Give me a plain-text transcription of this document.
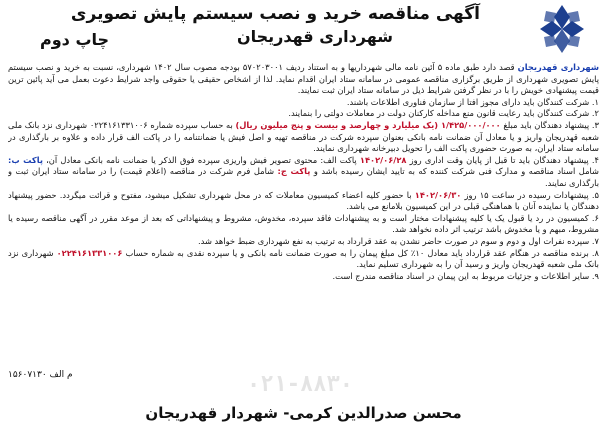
آگهی مناقصه خرید و نصب سیستم پایش تصویری
شهرداری قهدریجان
چاپ دوم

شهرداری قهدریجان قصد دارد طبق ماده ۵ آئین نامه مالی شهرداریها و به استناد ردیف ۵۷۰۲۰۳۰۰۱ بودجه مصوب سال ۱۴۰۲ شهرداری، نسبت به خرید و نصب سیستم پایش تصویری شهرداری از طریق برگزاری مناقصه عمومی در سامانه ستاد ایران اقدام نماید. لذا از اشخاص حقیقی یا حقوقی واجد شرایط دعوت بعمل می آید پائین ترین قیمت پیشنهادی خویش را با در نظر گرفتن شرایط ذیل در سامانه ستاد ایران ثبت نمایند.

۱. شرکت کنندگان باید دارای مجوز افتا از سازمان فناوری اطلاعات باشند.

۲. شرکت کنندگان باید رعایت قانون منع مداخله کارکنان دولت در معاملات دولتی را بنمایند.

۳. پیشنهاد دهندگان باید مبلغ ۱/۴۲۵/۰۰۰/۰۰۰ (یک میلیارد و چهارصد و بیست و پنج میلیون ریال) به حساب سپرده شماره ۰۲۲۴۱۶۱۳۳۱۰۰۶ شهرداری نزد بانک ملی شعبه قهدریجان واریز و یا معادل آن ضمانت نامه بانکی بعنوان سپرده شرکت در مناقصه تهیه و اصل فیش یا ضمانتنامه را در پاکت الف قرار داده و علاوه بر بارگذاری در سامانه ستاد ایران، به صورت حضوری پاکت الف را تحویل دبیرخانه شهرداری نمایند.

۴. پیشنهاد دهندگان باید تا قبل از پایان وقت اداری روز ۱۴۰۲/۰۶/۲۸ پاکت الف: محتوی تصویر فیش واریزی سپرده فوق الذکر یا ضمانت نامه بانکی معادل آن، پاکت ب: شامل اسناد مناقصه و مدارک فنی شرکت کننده که به تایید ایشان رسیده باشد و پاکت ج: شامل فرم شرکت در مناقصه (اعلام قیمت) را در سامانه ستاد ایران ثبت و بارگذاری نمایند.

۵. پیشنهادات رسیده در ساعت ۱۵ روز ۱۴۰۲/۰۶/۳۰ با حضور کلیه اعضاء کمیسیون معاملات که در محل شهرداری تشکیل میشود، مفتوح و قرائت میگردد. حضور پیشنهاد دهندگان یا نماینده آنان با هماهنگی قبلی در این کمیسیون بلامانع می باشد.

۶. کمیسیون در رد یا قبول یک یا کلیه پیشنهادات مختار است و به پیشنهادات فاقد سپرده، مخدوش، مشروط و پیشنهاداتی که بعد از موعد مقرر در آگهی مناقصه رسیده یا مشروط، مبهم و یا مخدوش باشد ترتیب اثر داده نخواهد شد.

۷. سپرده نفرات اول و دوم و سوم در صورت حاضر نشدن به عقد قرارداد به ترتیب به نفع شهرداری ضبط خواهد شد.

۸. برنده مناقصه در هنگام عقد قرارداد باید معادل ۱۰٪ کل مبلغ پیمان را به صورت ضمانت نامه بانکی و یا سپرده نقدی به شماره حساب ۰۲۲۴۱۶۱۳۳۱۰۰۶ شهرداری نزد بانک ملی شعبه قهدریجان واریز و رسید آن را به شهرداری تسلیم نماید.

۹. سایر اطلاعات و جزئیات مربوط به این پیمان در اسناد مناقصه مندرج است.

م الف ۱۵۶۰۷۱۳۰	۰۲۱-۸۸۳۰
محسن صدرالدین کرمی- شهردار قهدریجان
